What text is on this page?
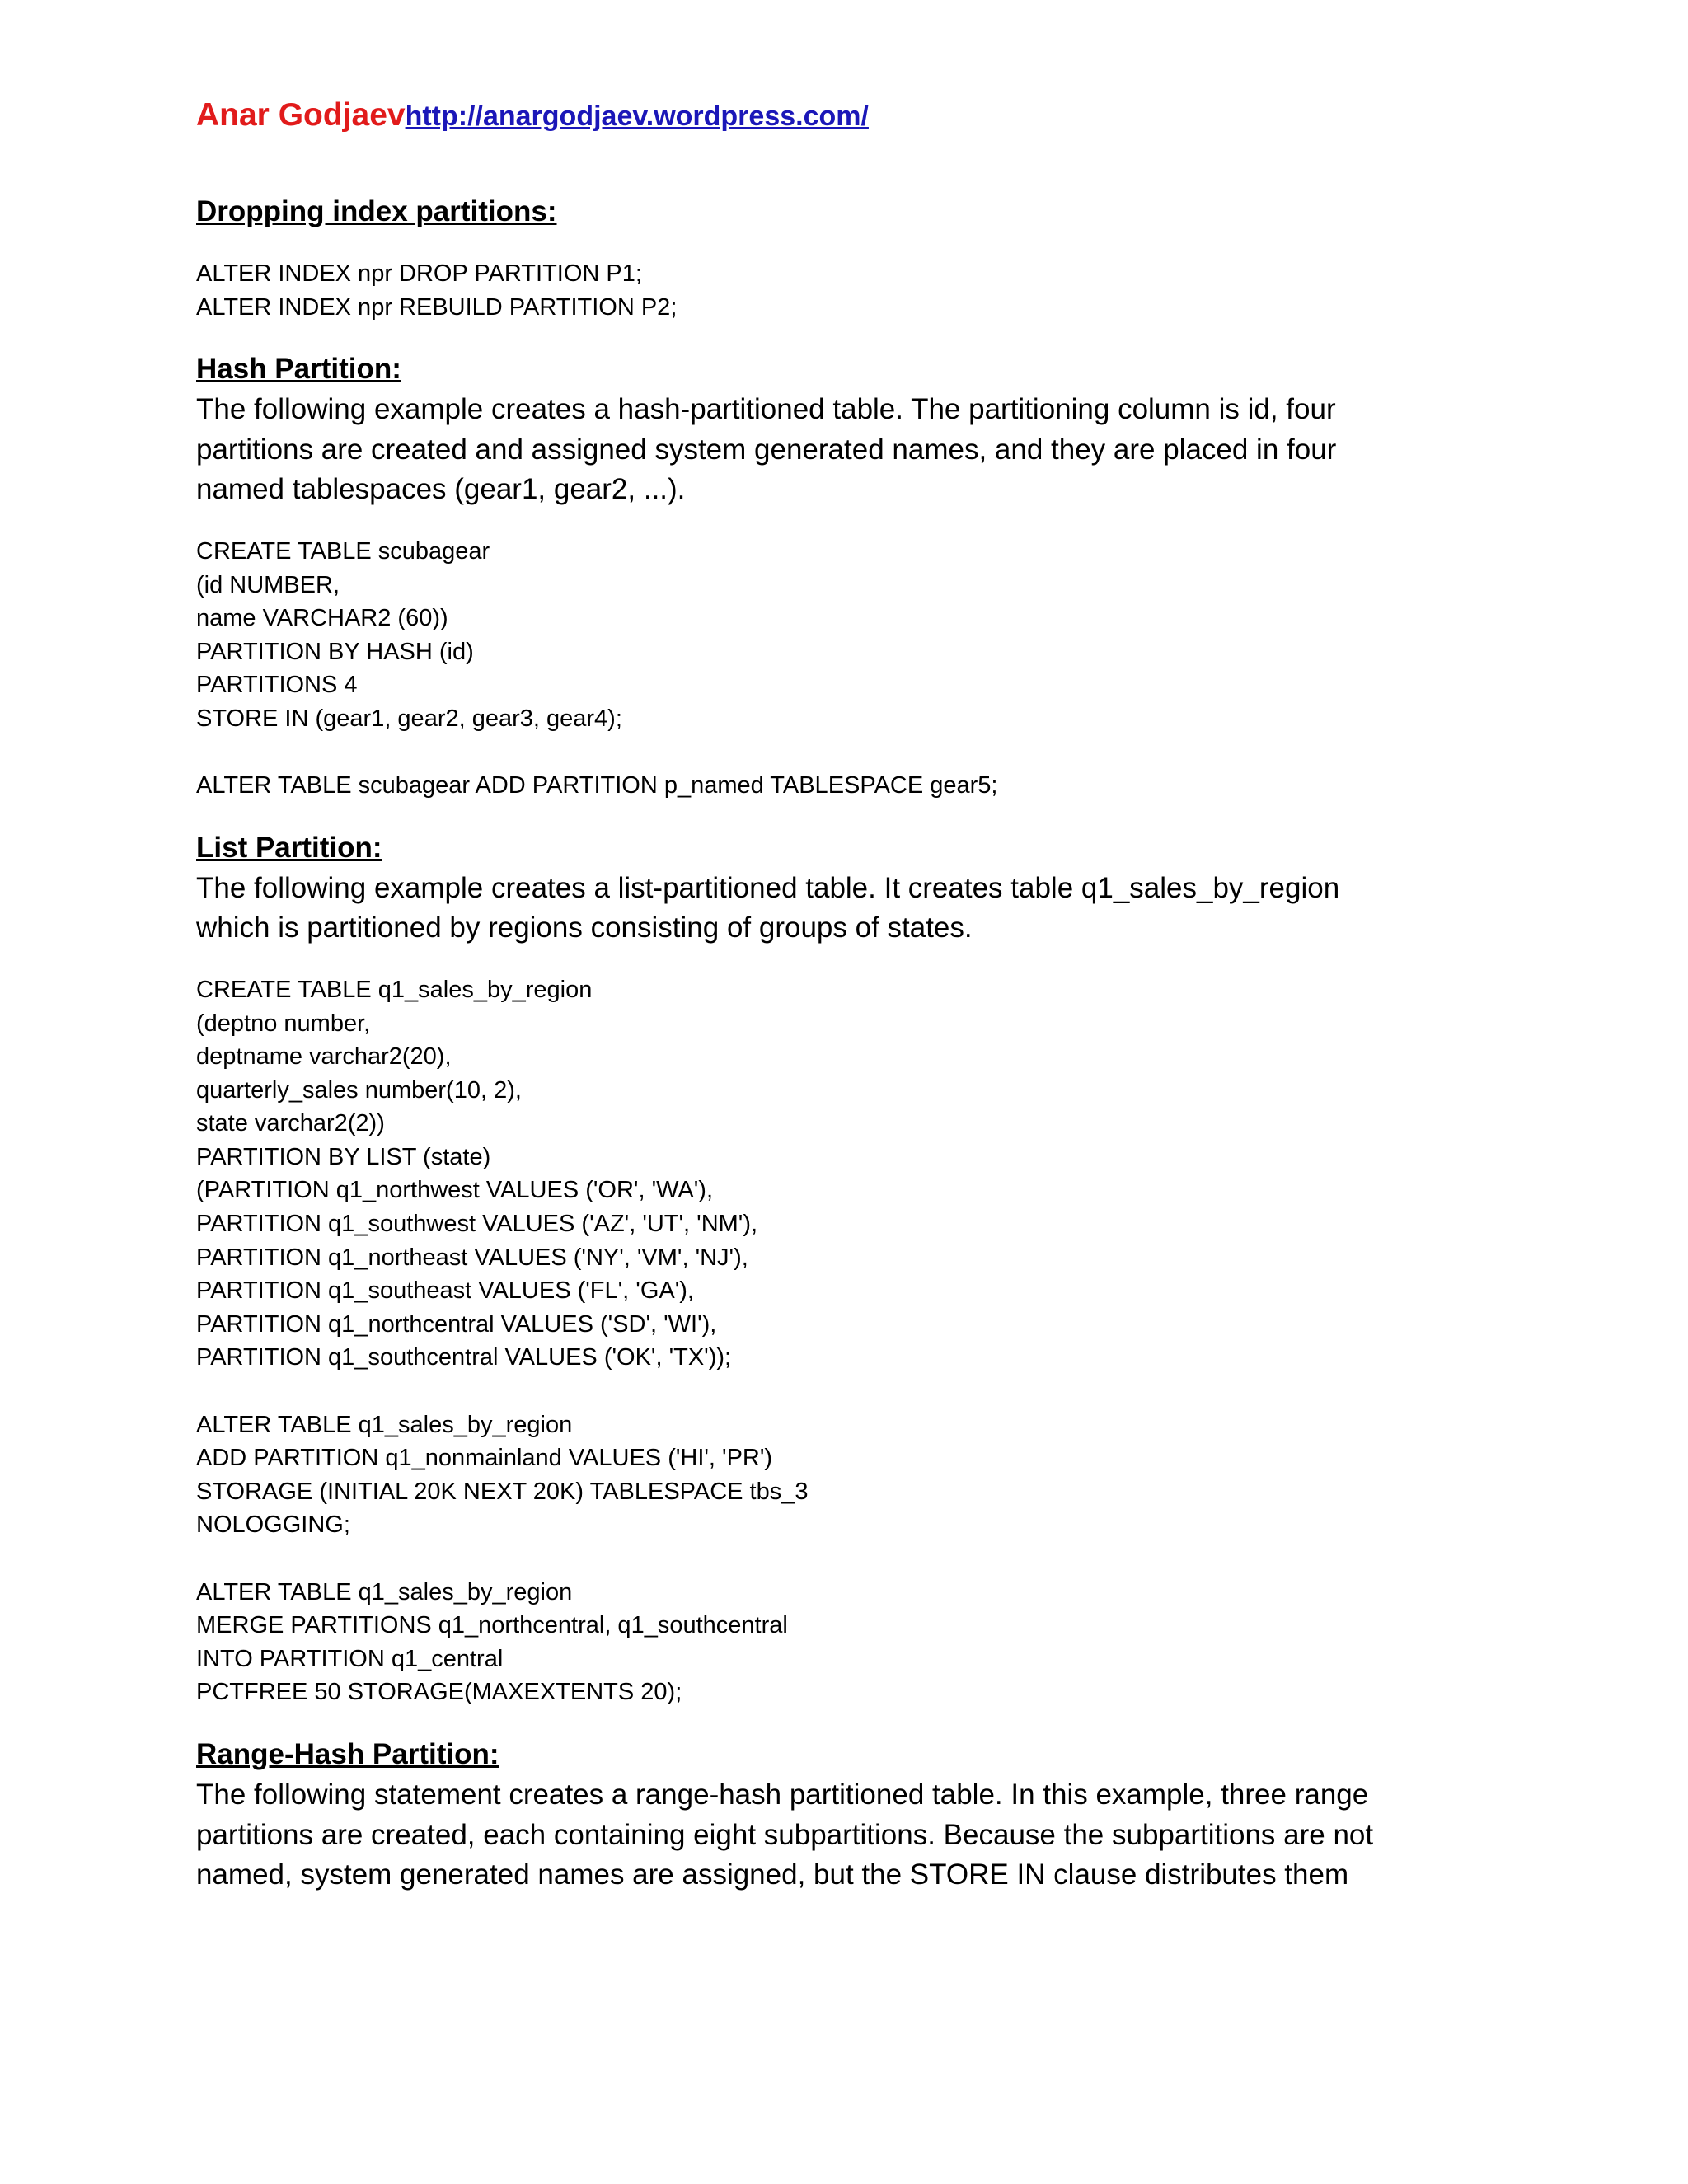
Anar Godjaev http://anargodjaev.wordpress.com/
Dropping index partitions:
ALTER INDEX npr DROP PARTITION P1;
ALTER INDEX npr REBUILD PARTITION P2;
Hash Partition:
The following example creates a hash-partitioned table. The partitioning column is id, four
partitions are created and assigned system generated names, and they are placed in four
named tablespaces (gear1, gear2, ...).
CREATE TABLE scubagear
(id NUMBER,
name VARCHAR2 (60))
PARTITION BY HASH (id)
PARTITIONS 4
STORE IN (gear1, gear2, gear3, gear4);
ALTER TABLE scubagear ADD PARTITION p_named TABLESPACE gear5;
List Partition:
The following example creates a list-partitioned table. It creates table q1_sales_by_region
which is partitioned by regions consisting of groups of states.
CREATE TABLE q1_sales_by_region
(deptno number,
deptname varchar2(20),
quarterly_sales number(10, 2),
state varchar2(2))
PARTITION BY LIST (state)
(PARTITION q1_northwest VALUES ('OR', 'WA'),
PARTITION q1_southwest VALUES ('AZ', 'UT', 'NM'),
PARTITION q1_northeast VALUES ('NY', 'VM', 'NJ'),
PARTITION q1_southeast VALUES ('FL', 'GA'),
PARTITION q1_northcentral VALUES ('SD', 'WI'),
PARTITION q1_southcentral VALUES ('OK', 'TX'));
ALTER TABLE q1_sales_by_region
ADD PARTITION q1_nonmainland VALUES ('HI', 'PR')
STORAGE (INITIAL 20K NEXT 20K) TABLESPACE tbs_3
NOLOGGING;
ALTER TABLE q1_sales_by_region
MERGE PARTITIONS q1_northcentral, q1_southcentral
INTO PARTITION q1_central
PCTFREE 50 STORAGE(MAXEXTENTS 20);
Range-Hash Partition:
The following statement creates a range-hash partitioned table. In this example, three range
partitions are created, each containing eight subpartitions. Because the subpartitions are not
named, system generated names are assigned, but the STORE IN clause distributes them
